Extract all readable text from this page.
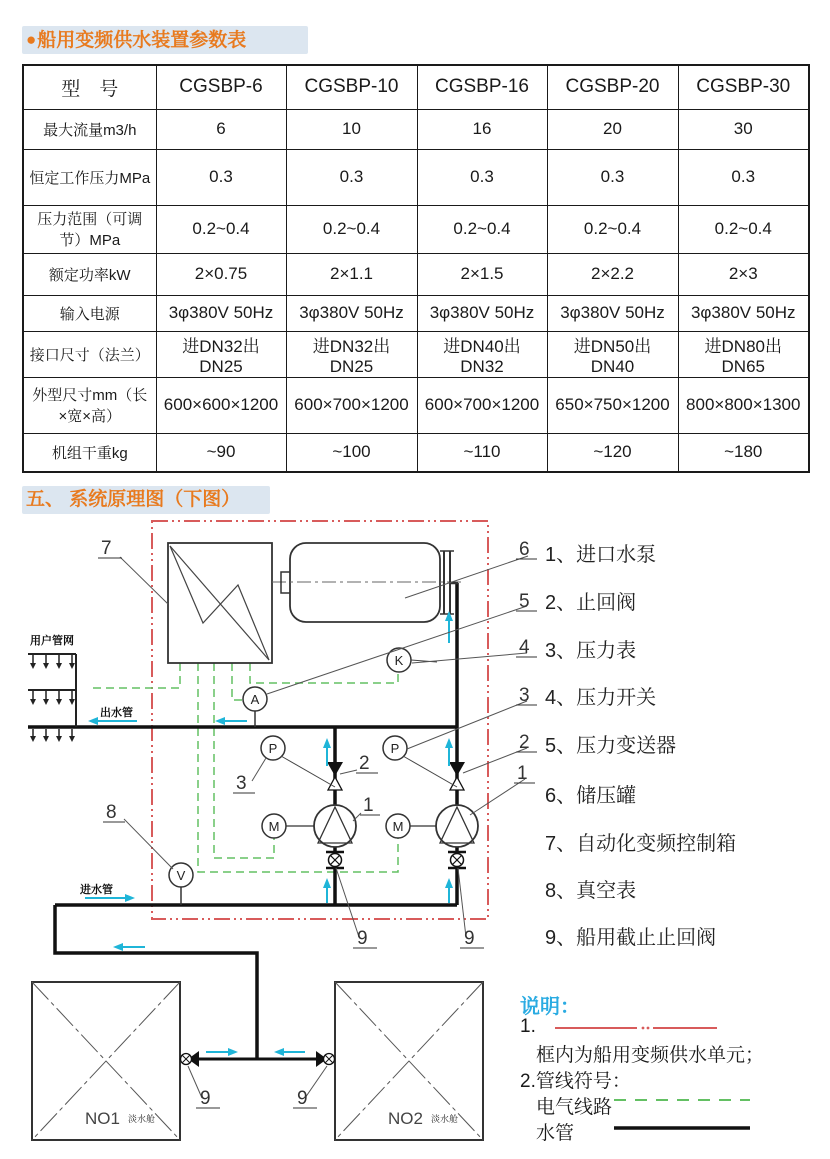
●船用变频供水装置参数表
型　号	CGSBP-6	CGSBP-10	CGSBP-16	CGSBP-20	CGSBP-30
最大流量m3/h	6	10	16	20	30
恒定工作压力MPa	0.3	0.3	0.3	0.3	0.3
压力范围（可调节）MPa	0.2~0.4	0.2~0.4	0.2~0.4	0.2~0.4	0.2~0.4
额定功率kW	2×0.75	2×1.1	2×1.5	2×2.2	2×3
输入电源	3φ380V 50Hz	3φ380V 50Hz	3φ380V 50Hz	3φ380V 50Hz	3φ380V 50Hz
接口尺寸（法兰）	进DN32出DN25	进DN32出DN25	进DN40出DN32	进DN50出DN40	进DN80出DN65
外型尺寸mm（长×宽×高）	600×600×1200	600×700×1200	600×700×1200	650×750×1200	800×800×1300
机组干重kg	~90	~100	~110	~120	~180
五、 系统原理图（下图）
用户管网
K
A
P	P
M	M
V
NO1 淡水舱	NO2 淡水舱
出水管
进水管
6
5
4
3
2
1
7
3
2
1
8
9	9
9	9
1、进口水泵
2、止回阀
3、压力表
4、压力开关
5、压力变送器
6、储压罐
7、自动化变频控制箱
8、真空表
9、船用截止止回阀
说明：
1.
框内为船用变频供水单元；
2.管线符号：
电气线路
水管
